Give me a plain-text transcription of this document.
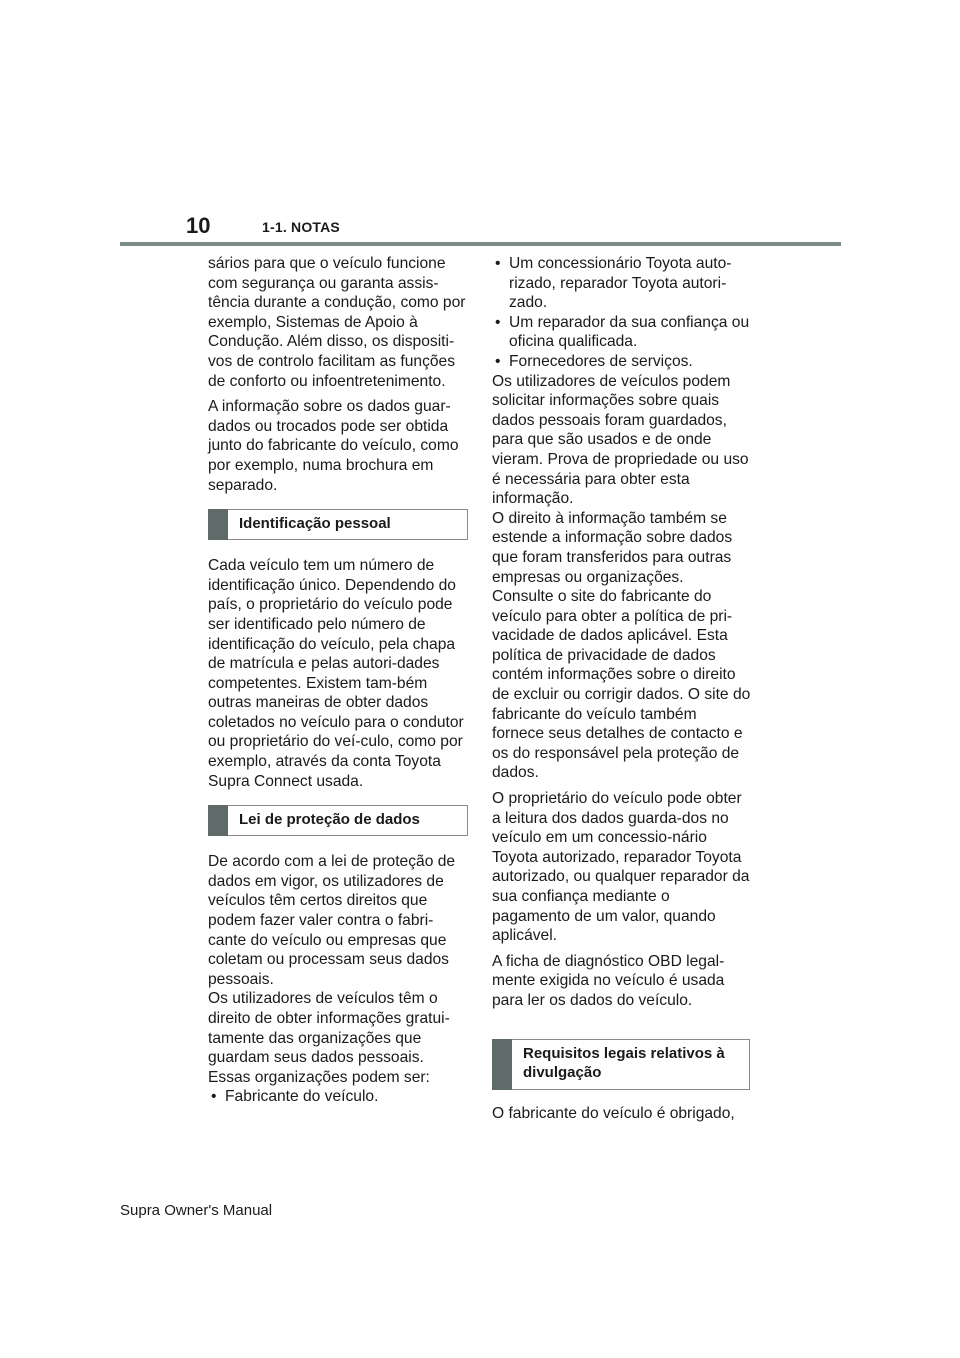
10	1-1. NOTAS

sários para que o veículo funcione com segurança ou garanta assis-tência durante a condução, como por exemplo, Sistemas de Apoio à Condução. Além disso, os dispositi-vos de controlo facilitam as funções de conforto ou infoentretenimento.

A informação sobre os dados guar-dados ou trocados pode ser obtida junto do fabricante do veículo, como por exemplo, numa brochura em separado.

Identificação pessoal

Cada veículo tem um número de identificação único. Dependendo do país, o proprietário do veículo pode ser identificado pelo número de identificação do veículo, pela chapa de matrícula e pelas autori-dades competentes. Existem tam-bém outras maneiras de obter dados coletados no veículo para o condutor ou proprietário do veí-culo, como por exemplo, através da conta Toyota Supra Connect usada.

Lei de proteção de dados

De acordo com a lei de proteção de dados em vigor, os utilizadores de veículos têm certos direitos que podem fazer valer contra o fabri-cante do veículo ou empresas que coletam ou processam seus dados pessoais.

Os utilizadores de veículos têm o direito de obter informações gratui-tamente das organizações que guardam seus dados pessoais.

Essas organizações podem ser:

• Fabricante do veículo.
• Um concessionário Toyota auto-rizado, reparador Toyota autori-zado.
• Um reparador da sua confiança ou oficina qualificada.
• Fornecedores de serviços.

Os utilizadores de veículos podem solicitar informações sobre quais dados pessoais foram guardados, para que são usados e de onde vieram. Prova de propriedade ou uso é necessária para obter esta informação.

O direito à informação também se estende a informação sobre dados que foram transferidos para outras empresas ou organizações.

Consulte o site do fabricante do veículo para obter a política de pri-vacidade de dados aplicável. Esta política de privacidade de dados contém informações sobre o direito de excluir ou corrigir dados. O site do fabricante do veículo também fornece seus detalhes de contacto e os do responsável pela proteção de dados.

O proprietário do veículo pode obter a leitura dos dados guarda-dos no veículo em um concessio-nário Toyota autorizado, reparador Toyota autorizado, ou qualquer reparador da sua confiança mediante o pagamento de um valor, quando aplicável.

A ficha de diagnóstico OBD legal-mente exigida no veículo é usada para ler os dados do veículo.

Requisitos legais relativos à divulgação

O fabricante do veículo é obrigado,

Supra Owner's Manual
